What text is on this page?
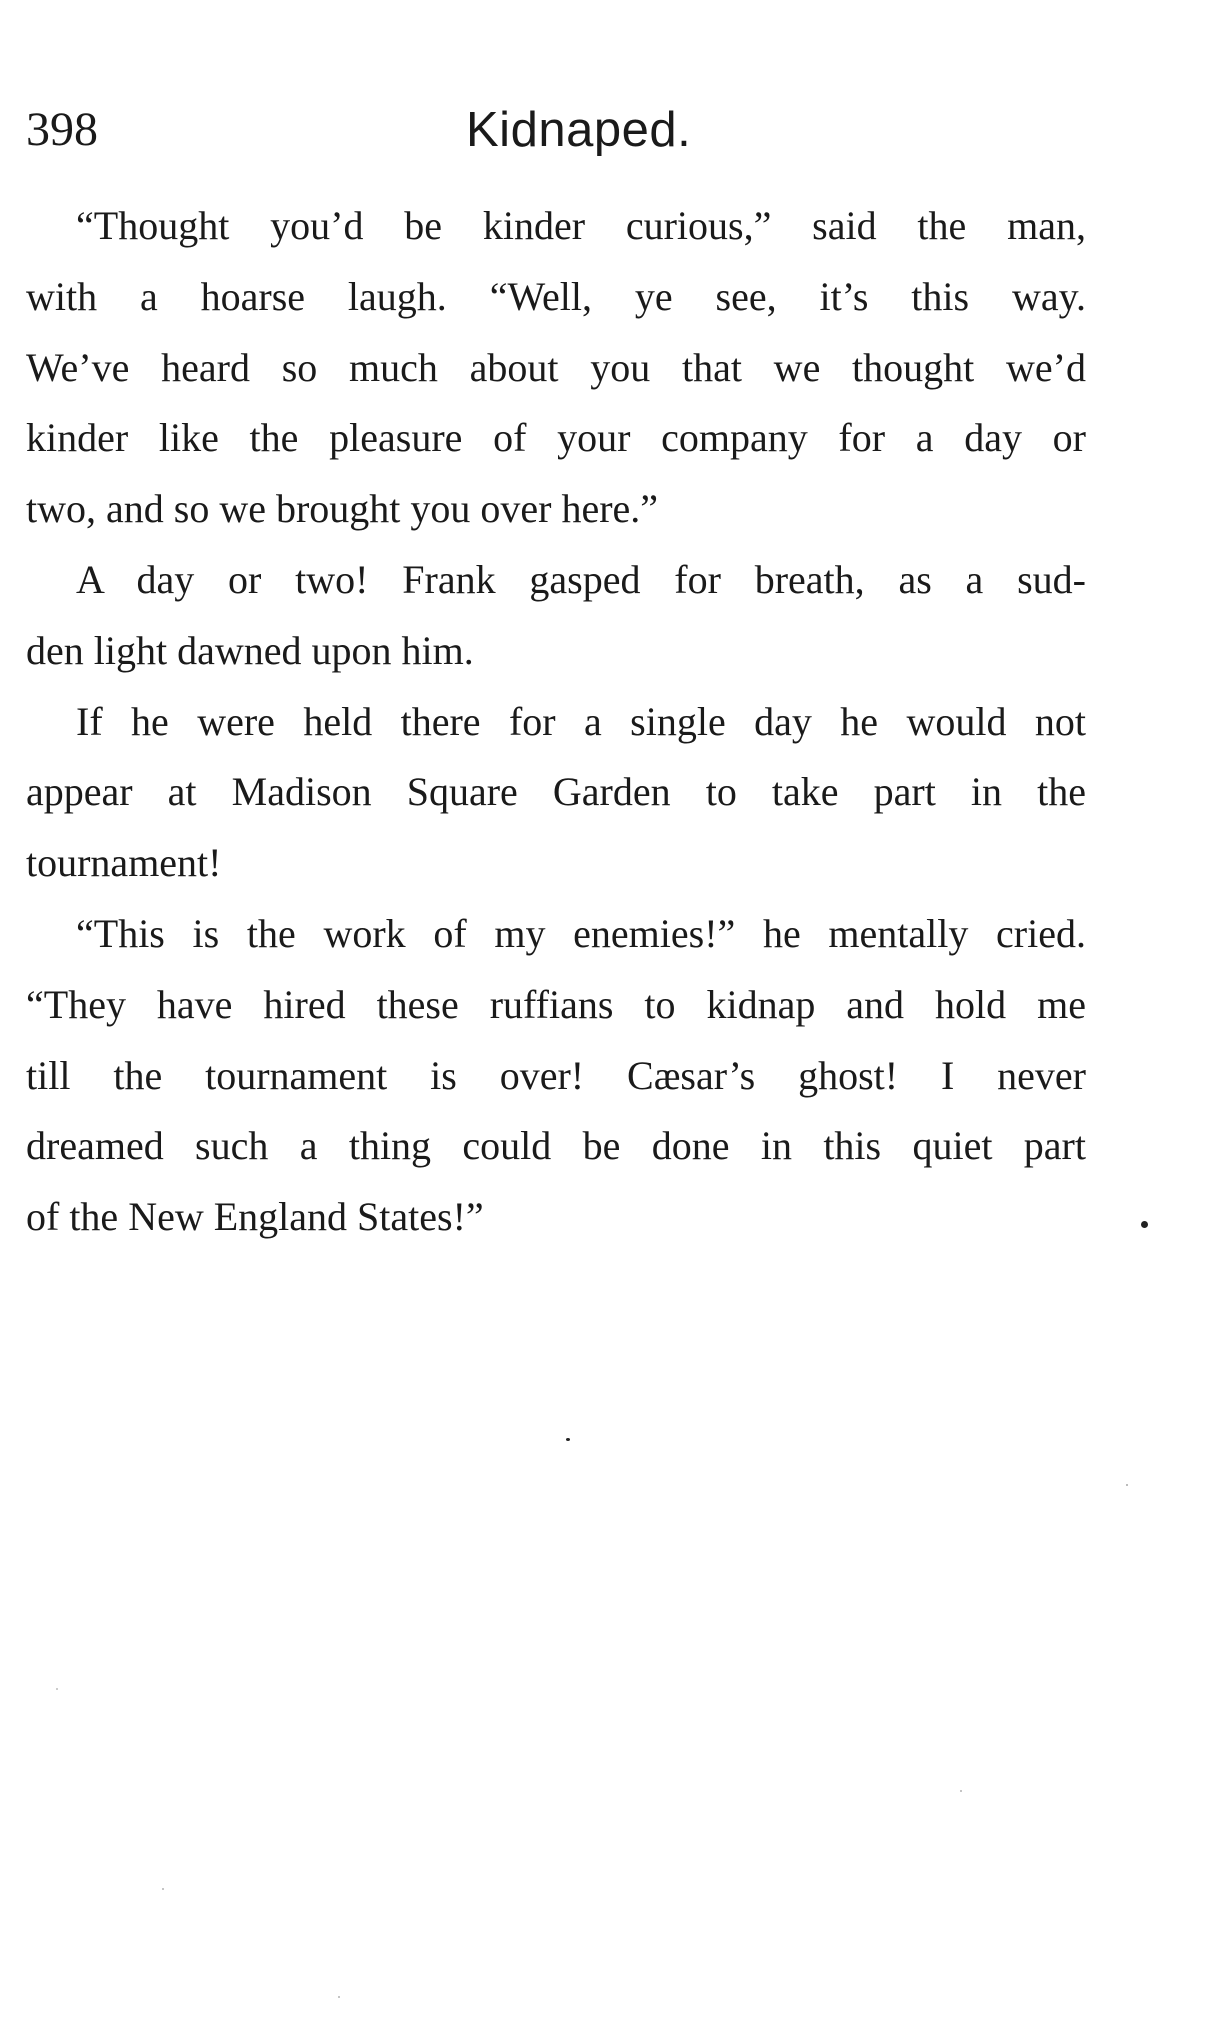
398	Kidnaped.
“Thought you’d be kinder curious,” said the man,
with a hoarse laugh. “Well, ye see, it’s this way.
We’ve heard so much about you that we thought we’d
kinder like the pleasure of your company for a day or
two, and so we brought you over here.”
A day or two! Frank gasped for breath, as a sud-
den light dawned upon him.
If he were held there for a single day he would not
appear at Madison Square Garden to take part in the
tournament!
“This is the work of my enemies!” he mentally cried.
“They have hired these ruffians to kidnap and hold me
till the tournament is over! Cæsar’s ghost! I never
dreamed such a thing could be done in this quiet part
of the New England States!”
